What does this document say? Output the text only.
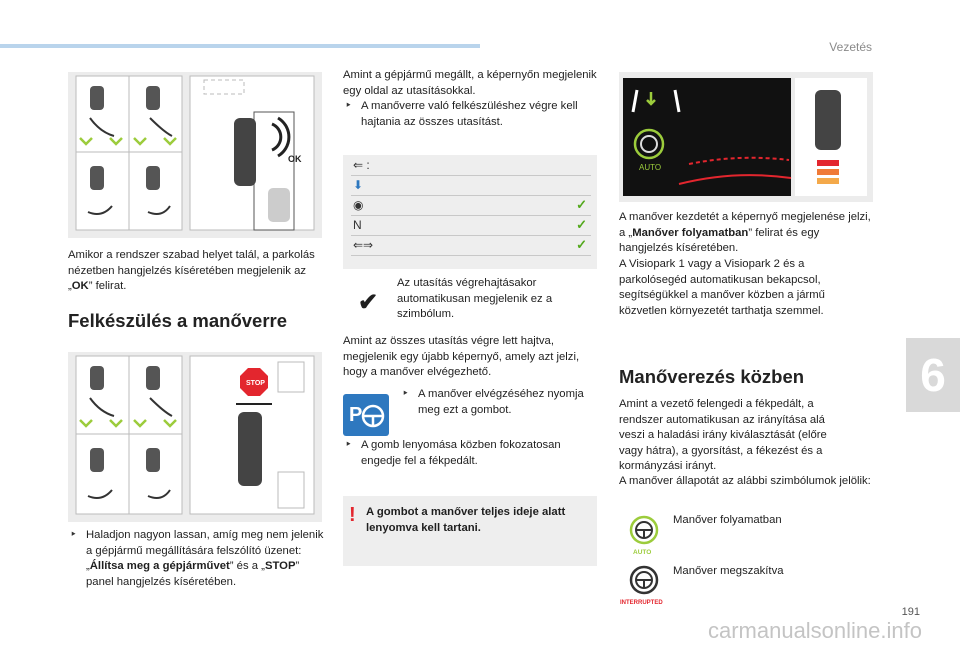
Vezetés
6
191
carmanualsonline.info
OK
Amikor a rendszer szabad helyet talál, a parkolás nézetben hangjelzés kíséretében megjelenik az „OK” felirat.
Felkészülés a manőverre
STOP
‣ Haladjon nagyon lassan, amíg meg nem jelenik a gépjármű megállítására felszólító üzenet: „Állítsa meg a gépjárművet” és a „STOP” panel hangjelzés kíséretében.
Amint a gépjármű megállt, a képernyőn megjelenik egy oldal az utasításokkal.
‣ A manőverre való felkészüléshez végre kell hajtania az összes utasítást.
⇐ :
⬇
◉	✓
N	✓
⇐⇒	✓
✔
Az utasítás végrehajtásakor automatikusan megjelenik ez a szimbólum.
Amint az összes utasítás végre lett hajtva, megjelenik egy újabb képernyő, amely azt jelzi, hogy a manőver elvégezhető.
P
‣ A manőver elvégzéséhez nyomja meg ezt a gombot.
‣ A gomb lenyomása közben fokozatosan engedje fel a fékpedált.
! A gombot a manőver teljes ideje alatt lenyomva kell tartani.
AUTO
A manőver kezdetét a képernyő megjelenése jelzi, a „Manőver folyamatban” felirat és egy hangjelzés kíséretében.
A Visiopark 1 vagy a Visiopark 2 és a parkolósegéd automatikusan bekapcsol, segítségükkel a manőver közben a jármű közvetlen környezetét tarthatja szemmel.
Manőverezés közben
Amint a vezető felengedi a fékpedált, a rendszer automatikusan az irányítása alá veszi a haladási irány kiválasztását (előre vagy hátra), a gyorsítást, a fékezést és a kormányzási irányt.
A manőver állapotát az alábbi szimbólumok jelölik:
AUTO
Manőver folyamatban
INTERRUPTED
Manőver megszakítva
